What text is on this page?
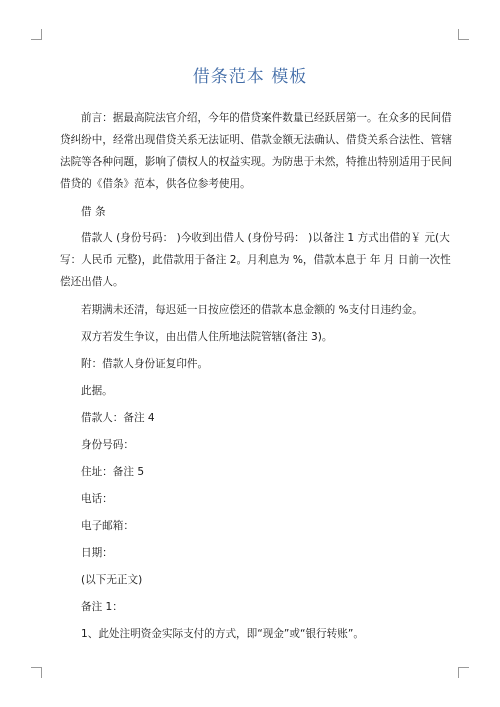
借条范本 模板

前言：据最高院法官介绍，今年的借贷案件数量已经跃居第一。在众多的民间借贷纠纷中，经常出现借贷关系无法证明、借款金额无法确认、借贷关系合法性、管辖法院等各种问题，影响了债权人的权益实现。为防患于未然，特推出特别适用于民间借贷的《借条》范本，供各位参考使用。

借 条

借款人 (身份号码： )今收到出借人 (身份号码： )以备注 1 方式出借的￥ 元(大写：人民币 元整)，此借款用于备注 2。月利息为 %，借款本息于 年 月 日前一次性偿还出借人。

若期满未还清，每迟延一日按应偿还的借款本息金额的 %支付日违约金。

双方若发生争议，由出借人住所地法院管辖(备注 3)。

附：借款人身份证复印件。

此据。

借款人：备注 4

身份号码：

住址：备注 5

电话：

电子邮箱：

日期：

(以下无正文)

备注 1：

1、此处注明资金实际支付的方式，即“现金”或“银行转账”。
